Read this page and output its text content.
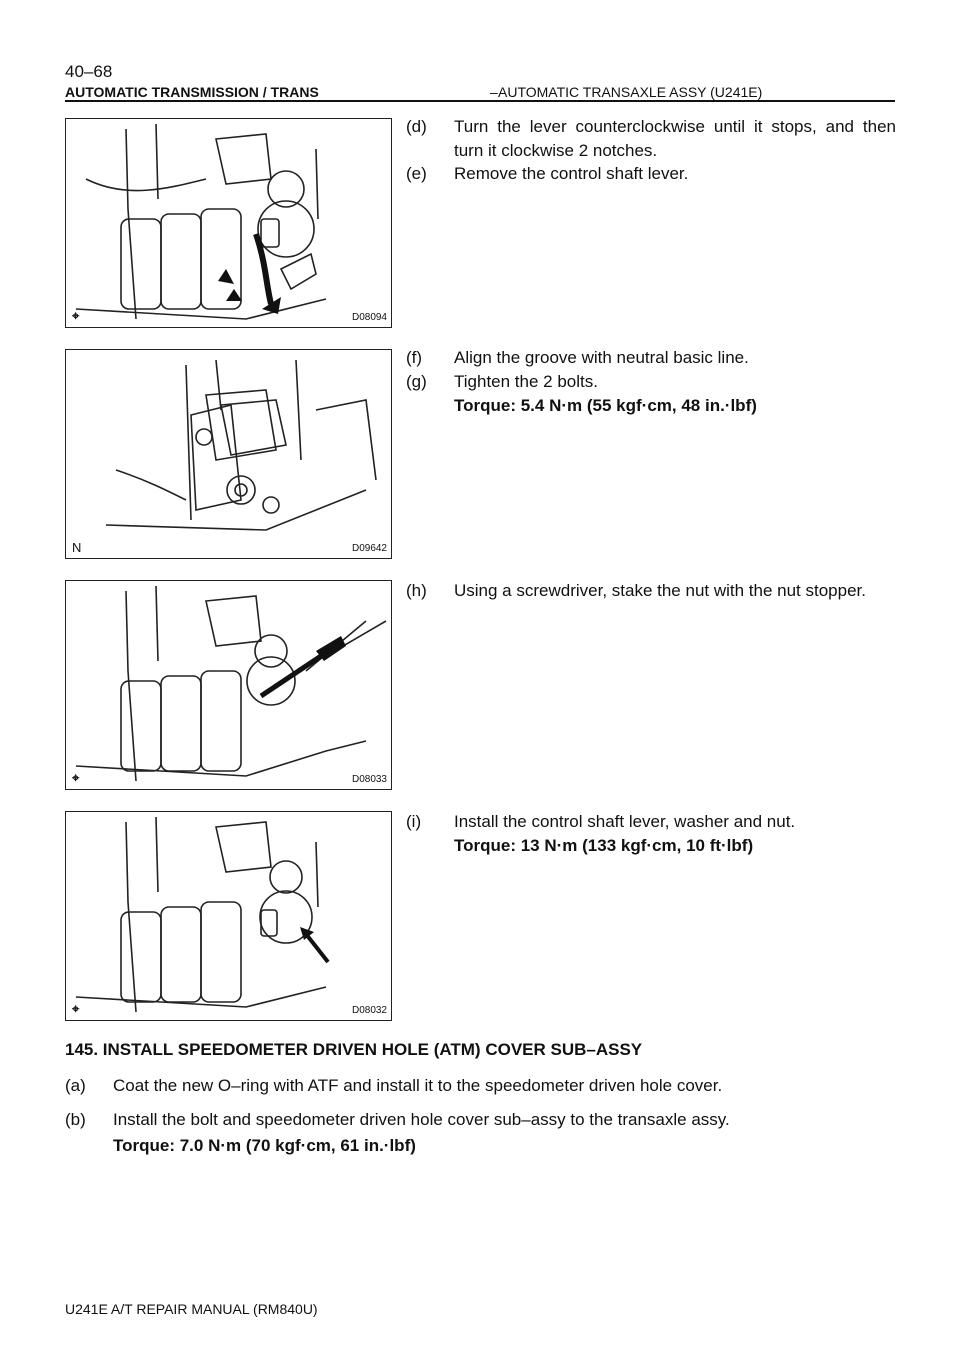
40–68
AUTOMATIC TRANSMISSION / TRANS	– AUTOMATIC TRANSAXLE ASSY (U241E)
⌖	D08094
N	D09642
⌖	D08033
⌖	D08032
(d) Turn the lever counterclockwise until it stops, and then
turn it clockwise 2 notches.
(e) Remove the control shaft lever.
(f) Align the groove with neutral basic line.
(g) Tighten the 2 bolts.
Torque: 5.4 N·m (55 kgf·cm, 48 in.·lbf)
(h) Using a screwdriver, stake the nut with the nut stopper.
(i) Install the control shaft lever, washer and nut.
Torque: 13 N·m (133 kgf·cm, 10 ft·lbf)
145. INSTALL SPEEDOMETER DRIVEN HOLE (ATM) COVER SUB–ASSY
(a) Coat the new O–ring with ATF and install it to the speedometer driven hole cover.
(b) Install the bolt and speedometer driven hole cover sub–assy to the transaxle assy.
Torque: 7.0 N·m (70 kgf·cm, 61 in.·lbf)
U241E A/T REPAIR MANUAL (RM840U)
